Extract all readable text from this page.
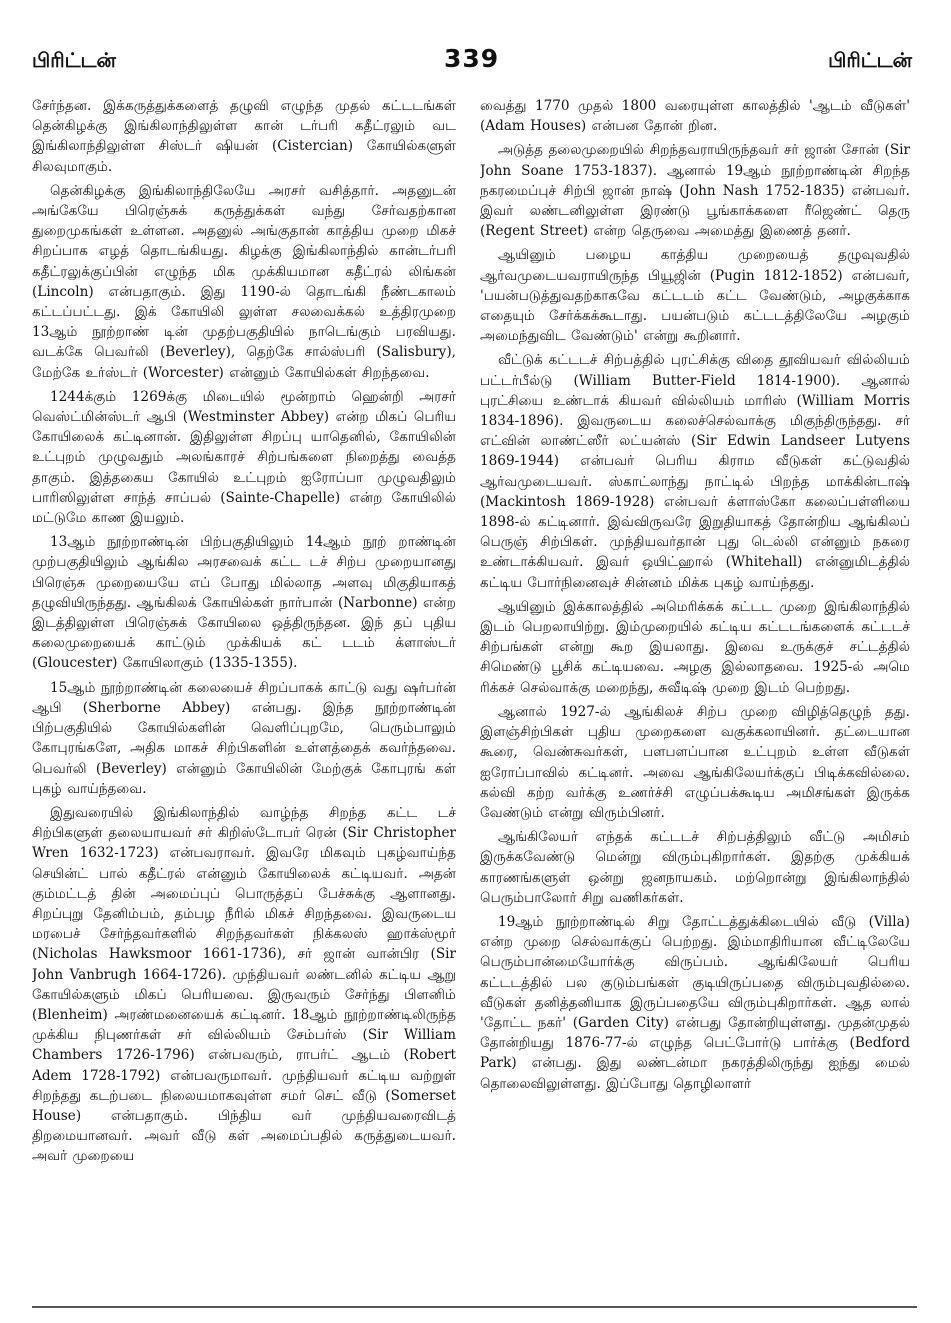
பிரிட்டன்	339	பிரிட்டன்

சேர்ந்தன. இக்கருத்துக்களைத் தழுவி எழுந்த முதல் கட்டடங்கள் தென்கிழக்கு இங்கிலாந்திலுள்ள கான் டர்பரி கதீட்ரலும் வட இங்கிலாந்திலுள்ள சிஸ்டர் ஷியன் (Cistercian) கோயில்களுள் சிலவுமாகும்.

தென்கிழக்கு இங்கிலாந்திலேயே அரசர் வசித்தார். அதனுடன் அங்கேயே பிரெஞ்சுக் கருத்துக்கள் வந்து சேர்வதற்கான துறைமுகங்கள் உள்ளன. அதனுல் அங்குதான் காத்திய முறை மிகச் சிறப்பாக எழத் தொடங்கியது. கிழக்கு இங்கிலாந்தில் கான்டர்பரி கதீட்ரலுக்குப்பின் எழுந்த மிக முக்கியமான கதீட்ரல் லிங்கன் (Lincoln) என்பதாகும். இது 1190-ல் தொடங்கி நீண்டகாலம் கட்டப்பட்டது. இக் கோயிலி லுள்ள சலவைக்கல் உத்திரமுறை 13ஆம் நூற்றாண் டின் முதற்பகுதியில் நாடெங்கும் பரவியது. வடக்கே பெவர்லி (Beverley), தெற்கே சால்ஸ்பரி (Salisbury), மேற்கே உர்ஸ்டர் (Worcester) என்னும் கோயில்கள் சிறந்தவை.

1244க்கும் 1269க்கு மிடையில் மூன்றாம் ஹென்றி அரசர் வெஸ்ட்மின்ஸ்டர் ஆபி (Westminster Abbey) என்ற மிகப் பெரிய கோயிலைக் கட்டினான். இதிலுள்ள சிறப்பு யாதெனில், கோயிலின் உட்புறம் முழுவதும் அலங்காரச் சிற்பங்களை நிறைத்து வைத்த தாகும். இத்தகைய கோயில் உட்புறம் ஐரோப்பா முழுவதிலும் பாரிஸிலுள்ள சாந்த் சாப்பல் (Sainte-Chapelle) என்ற கோயிலில் மட்டுமே காண இயலும்.

13ஆம் நூற்றாண்டின் பிற்பகுதியிலும் 14ஆம் நூற் றாண்டின் முற்பகுதியிலும் ஆங்கில அரசவைக் கட்ட டச் சிற்ப முறையானது பிரெஞ்சு முறையையே எப் போது மில்லாத அளவு மிகுதியாகத் தழுவியிருந்தது. ஆங்கிலக் கோயில்கள் நார்பான் (Narbonne) என்ற இடத்திலுள்ள பிரெஞ்சுக் கோயிலை ஒத்திருந்தன. இந் தப் புதிய கலைமுறையைக் காட்டும் முக்கியக் கட் டடம் க்ளாஸ்டர் (Gloucester) கோயிலாகும் (1335-1355).

15ஆம் நூற்றாண்டின் கலையைச் சிறப்பாகக் காட்டு வது ஷர்பர்ன் ஆபி (Sherborne Abbey) என்பது. இந்த நூற்றாண்டின் பிற்பகுதியில் கோயில்களின் வெளிப்புறமே, பெரும்பாலும் கோபுரங்களே, அதிக மாகச் சிற்பிகளின் உள்ளத்தைக் கவர்ந்தவை. பெவர்லி (Beverley) என்னும் கோயிலின் மேற்குக் கோபுரங் கள் புகழ் வாய்ந்தவை.

இதுவரையில் இங்கிலாந்தில் வாழ்ந்த சிறந்த கட்ட டச் சிற்பிகளுள் தலையாயவர் சர் கிறிஸ்டோபர் ரென் (Sir Christopher Wren 1632-1723) என்பவராவர். இவரே மிகவும் புகழ்வாய்ந்த செயின்ட் பால் கதீட்ரல் என்னும் கோயிலைக் கட்டியவர். அதன் கும்மட்டத் தின் அமைப்புப் பொருத்தப் பேச்சுக்கு ஆளானது. சிறப்புறு தேனிம்பம், தம்பழ நீரில் மிகச் சிறந்தவை. இவருடைய மரபைச் சேர்ந்தவர்களில் சிறந்தவர்கள் நிக்கலஸ் ஹாக்ஸ்மூர் (Nicholas Hawksmoor 1661-1736), சர் ஜான் வான்பிர (Sir John Vanbrugh 1664-1726). முந்தியவர் லண்டனில் கட்டிய ஆறு கோயில்களும் மிகப் பெரியவை. இருவரும் சேர்ந்து பிளனிம் (Blenheim) அரண்மனையைக் கட்டினர். 18ஆம் நூற்றாண்டிலிருந்த முக்கிய நிபுணர்கள் சர் வில்லியம் சேம்பர்ஸ் (Sir William Chambers 1726-1796) என்பவரும், ராபர்ட் ஆடம் (Robert Adem 1728-1792) என்பவருமாவர். முந்தியவர் கட்டிய வற்றுள் சிறந்தது கடற்படை நிலையமாகவுள்ள சமர் செட் வீடு (Somerset House) என்பதாகும். பிந்திய வர் முந்தியவரைவிடத் திறமையானவர். அவர் வீடு கள் அமைப்பதில் கருத்துடையவர். அவர் முறையை

வைத்து 1770 முதல் 1800 வரையுள்ள காலத்தில் 'ஆடம் வீடுகள்' (Adam Houses) என்பன தோன் றின.

அடுத்த தலைமுறையில் சிறந்தவராயிருந்தவர் சர் ஜான் சோன் (Sir John Soane 1753-1837). ஆனால் 19ஆம் நூற்றாண்டின் சிறந்த நகரமைப்புச் சிற்பி ஜான் நாஷ் (John Nash 1752-1835) என்பவர். இவர் லண்டனிலுள்ள இரண்டு பூங்காக்களை ரீஜெண்ட் தெரு (Regent Street) என்ற தெருவை அமைத்து இணைத் தனர்.

ஆயினும் பழைய காத்திய முறையைத் தழுவுவதில் ஆர்வமுடையவராயிருந்த பியூஜின் (Pugin 1812-1852) என்பவர், 'பயன்படுத்துவதற்காகவே கட்டடம் கட்ட வேண்டும், அழகுக்காக எதையும் சேர்க்கக்கூடாது. பயன்படும் கட்டடத்திலேயே அழகும் அமைந்துவிட வேண்டும்' என்று கூறினார்.

வீட்டுக் கட்டடச் சிற்பத்தில் புரட்சிக்கு விதை தூவியவர் வில்லியம் பட்டர்பீல்டு (William Butter-Field 1814-1900). ஆனால் புரட்சியை உண்டாக் கியவர் வில்லியம் மாரிஸ் (William Morris 1834-1896). இவருடைய கலைச்செல்வாக்கு மிகுந்திருந்தது. சர் எட்வின் லாண்ட்ஸீர் லட்யன்ஸ் (Sir Edwin Landseer Lutyens 1869-1944) என்பவர் பெரிய கிராம வீடுகள் கட்டுவதில் ஆர்வமுடையவர். ஸ்காட்லாந்து நாட்டில் பிறந்த மாக்கின்டாஷ் (Mackintosh 1869-1928) என்பவர் க்ளாஸ்கோ கலைப்பள்ளியை 1898-ல் கட்டினார். இவ்விருவரே இறுதியாகத் தோன்றிய ஆங்கிலப் பெருஞ் சிற்பிகள். முந்தியவர்தான் புது டெல்லி என்னும் நகரை உண்டாக்கியவர். இவர் ஒயிட்ஹால் (Whitehall) என்னுமிடத்தில் கட்டிய போர்நினைவுச் சின்னம் மிக்க புகழ் வாய்ந்தது.

ஆயினும் இக்காலத்தில் அமெரிக்கக் கட்டட முறை இங்கிலாந்தில் இடம் பெறலாயிற்று. இம்முறையில் கட்டிய கட்டடங்களைக் கட்டடச் சிற்பங்கள் என்று கூற இயலாது. இவை உருக்குச் சட்டத்தில் சிமெண்டு பூசிக் கட்டியவை. அழகு இல்லாதவை. 1925-ல் அமெ ரிக்கச் செல்வாக்கு மறைந்து, சுவீடிஷ் முறை இடம் பெற்றது.

ஆனால் 1927-ல் ஆங்கிலச் சிற்ப முறை விழித்தெழுந் தது. இளஞ்சிற்பிகள் புதிய முறைகளை வகுக்கலாயினர். தட்டையான கூரை, வெண்சுவர்கள், பளபளப்பான உட்புறம் உள்ள வீடுகள் ஐரோப்பாவில் கட்டினர். அவை ஆங்கிலேயர்க்குப் பிடிக்கவில்லை. கல்வி கற்ற வர்க்கு உணர்ச்சி எழுப்பக்கூடிய அமிசங்கள் இருக்க வேண்டும் என்று விரும்பினர்.

ஆங்கிலேயர் எந்தக் கட்டடச் சிற்பத்திலும் வீட்டு அமிசம் இருக்கவேண்டு மென்று விரும்புகிறார்கள். இதற்கு முக்கியக் காரணங்களுள் ஒன்று ஜனநாயகம். மற்றொன்று இங்கிலாந்தில் பெரும்பாலோர் சிறு வணிகர்கள்.

19ஆம் நூற்றாண்டில் சிறு தோட்டத்துக்கிடையில் வீடு (Villa) என்ற முறை செல்வாக்குப் பெற்றது. இம்மாதிரியான வீட்டிலேயே பெரும்பான்மையோர்க்கு விருப்பம். ஆங்கிலேயர் பெரிய கட்டடத்தில் பல குடும்பங்கள் குடியிருப்பதை விரும்புவதில்லை. வீடுகள் தனித்தனியாக இருப்பதையே விரும்புகிறார்கள். ஆத லால் 'தோட்ட நகர்' (Garden City) என்பது தோன்றியுள்ளது. முதன்முதல் தோன்றியது 1876-77-ல் எழுந்த பெட்போர்டு பார்க்கு (Bedford Park) என்பது. இது லண்டன்மா நகரத்திலிருந்து ஐந்து மைல் தொலைவிலுள்ளது. இப்போது தொழிலாளர்
